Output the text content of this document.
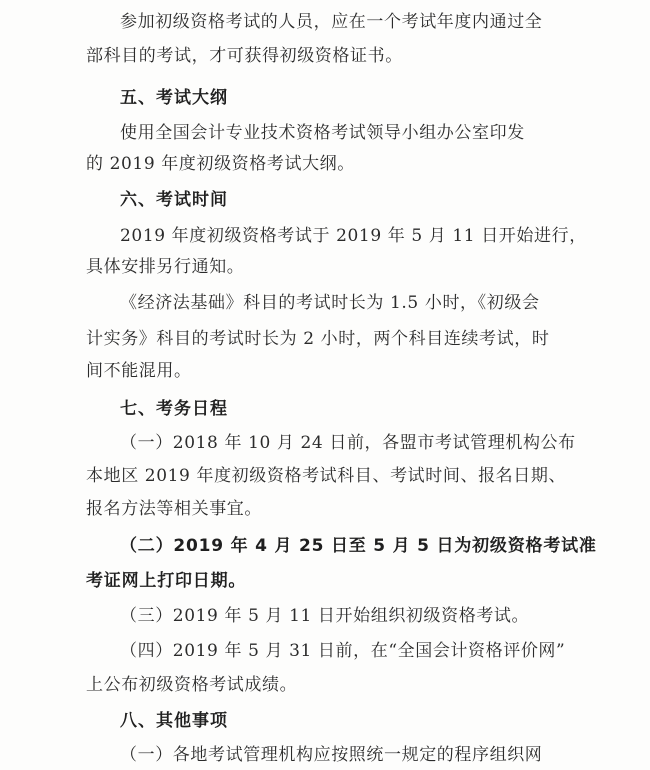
参加初级资格考试的人员，应在一个考试年度内通过全
部科目的考试，才可获得初级资格证书。
五、考试大纲
使用全国会计专业技术资格考试领导小组办公室印发
的 2019 年度初级资格考试大纲。
六、考试时间
2019 年度初级资格考试于 2019 年 5 月 11 日开始进行，
具体安排另行通知。
《经济法基础》科目的考试时长为 1.5 小时，《初级会
计实务》科目的考试时长为 2 小时，两个科目连续考试，时
间不能混用。
七、考务日程
（一）2018 年 10 月 24 日前，各盟市考试管理机构公布
本地区 2019 年度初级资格考试科目、考试时间、报名日期、
报名方法等相关事宜。
（二）2019 年 4 月 25 日至 5 月 5 日为初级资格考试准
考证网上打印日期。
（三）2019 年 5 月 11 日开始组织初级资格考试。
（四）2019 年 5 月 31 日前，在“全国会计资格评价网”
上公布初级资格考试成绩。
八、其他事项
（一）各地考试管理机构应按照统一规定的程序组织网
